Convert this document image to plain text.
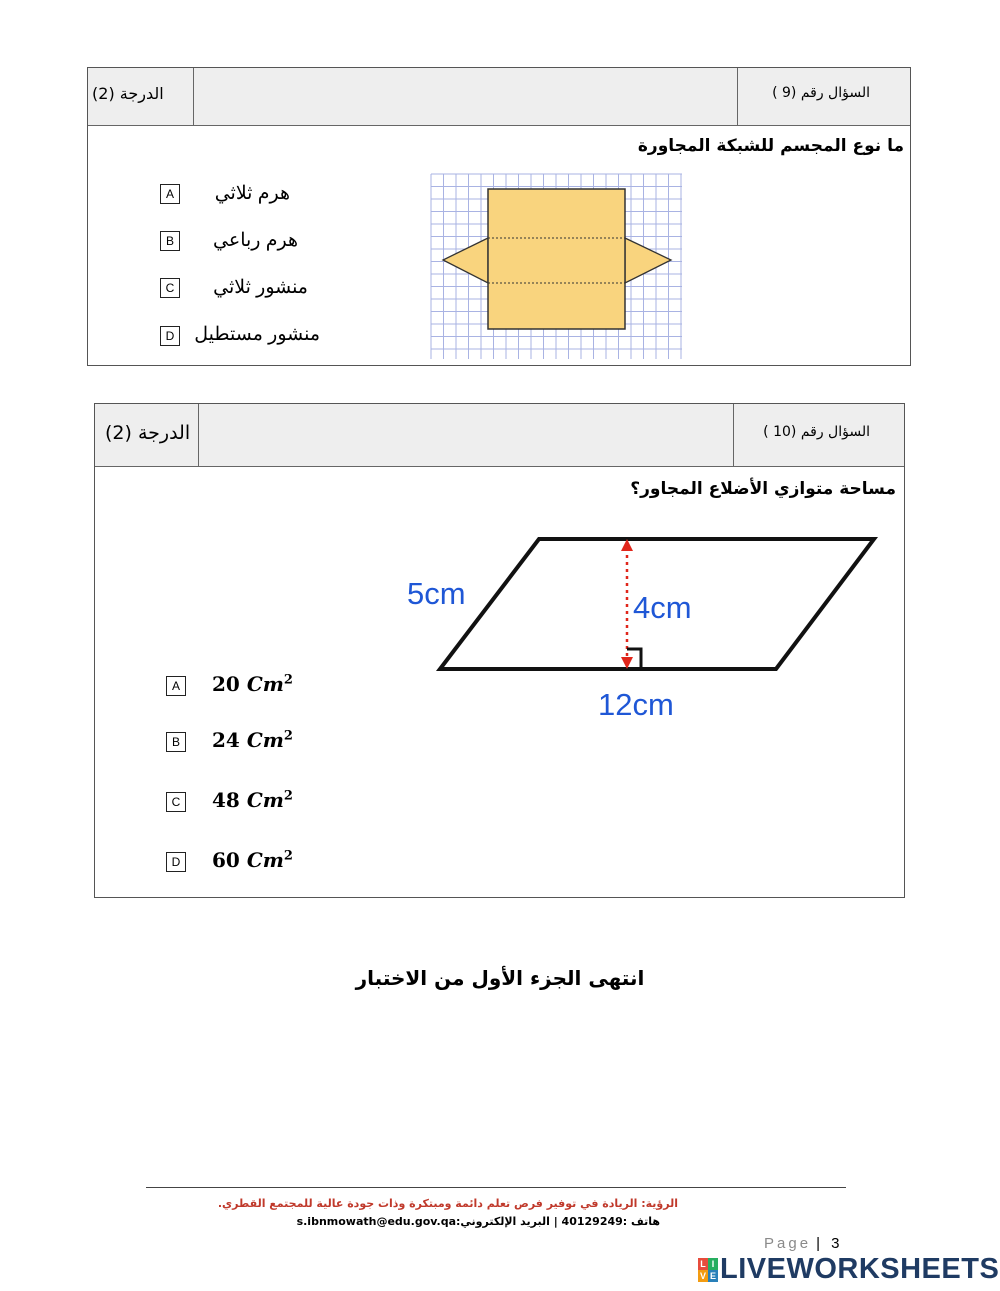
السؤال رقم (9 )
الدرجة (2)
ما نوع المجسم للشبكة المجاورة
A	هرم ثلاثي
B	هرم رباعي
C	منشور ثلاثي
D منشور مستطيل
السؤال رقم (10 )
الدرجة (2)
مساحة متوازي الأضلاع المجاور؟
5cm	4cm
12cm
A	20 Cm$^2$
B	24 Cm$^2$
C 48 Cm$^2$
D 60 Cm$^2$
انتهى الجزء الأول من الاختبار
الرؤية: الريادة في توفير فرص تعلم دائمة ومبتكرة وذات جودة عالية للمجتمع القطري.
هاتف :40129249 | البريد الإلكتروني:s.ibnmowath@edu.gov.qa
Page | 3
L I
V E LIVEWORKSHEETS
